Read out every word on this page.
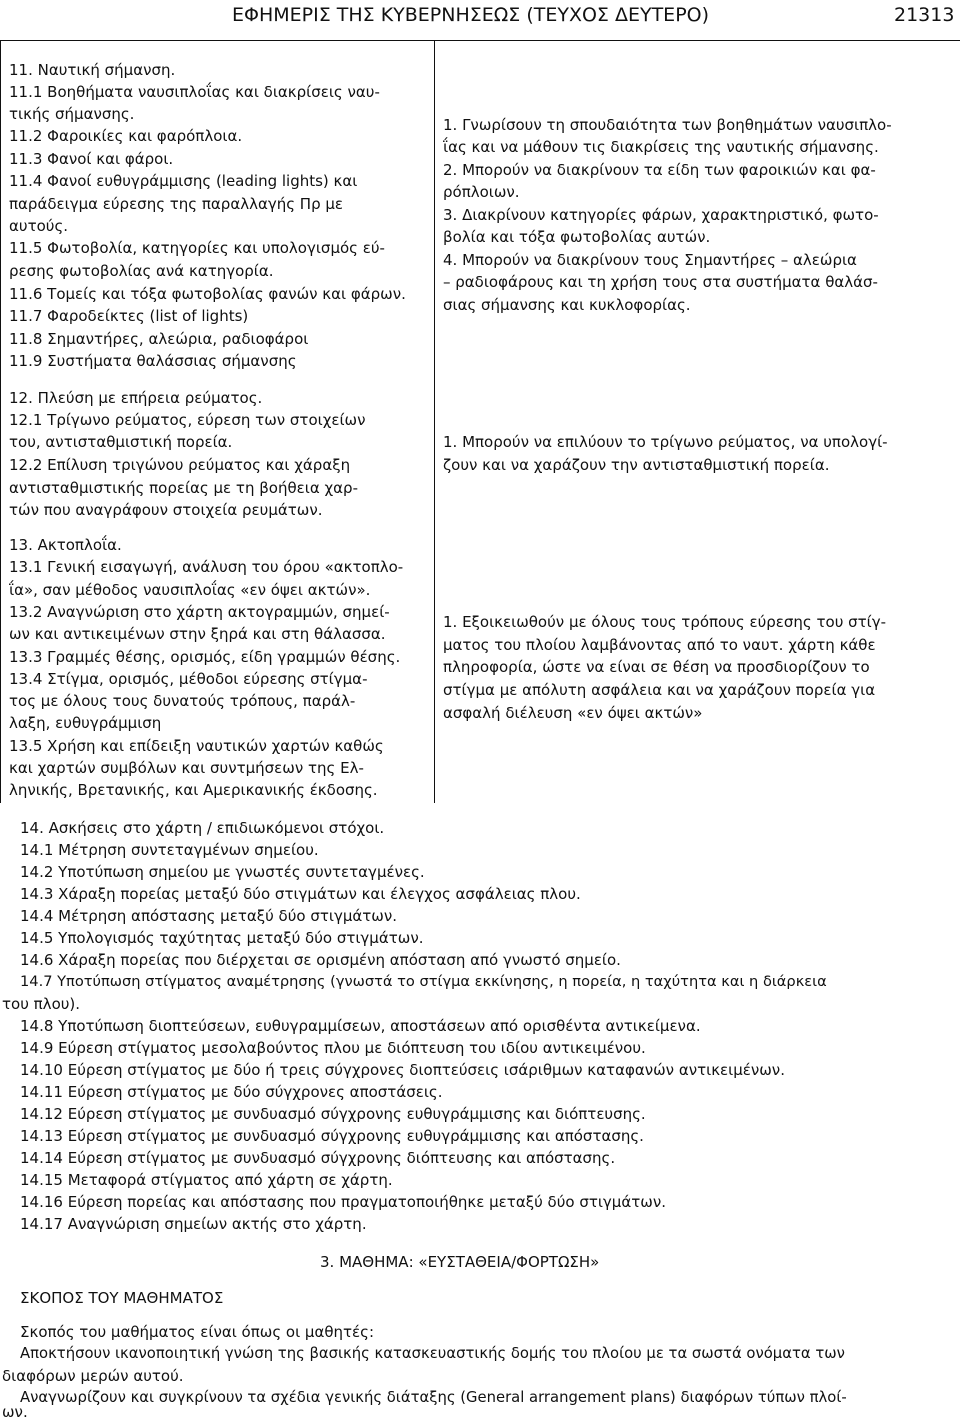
ΕΦΗΜΕΡΙΣ ΤΗΣ ΚΥΒΕΡΝΗΣΕΩΣ (ΤΕΥΧΟΣ ΔΕΥΤΕΡΟ)	21313
11. Ναυτική σήμανση.
11.1 Βοηθήματα ναυσιπλοΐας και διακρίσεις ναυ-
τικής σήμανσης.
11.2 Φαροικίες και φαρόπλοια.
11.3 Φανοί και φάροι.
11.4 Φανοί ευθυγράμμισης (leading lights) και
παράδειγμα εύρεσης της παραλλαγής Πρ με
αυτούς.
11.5 Φωτοβολία, κατηγορίες και υπολογισμός εύ-
ρεσης φωτοβολίας ανά κατηγορία.
11.6 Τομείς και τόξα φωτοβολίας φανών και φάρων.
11.7 Φαροδείκτες (list of lights)
11.8 Σημαντήρες, αλεώρια, ραδιοφάροι
11.9 Συστήματα θαλάσσιας σήμανσης
12. Πλεύση με επήρεια ρεύματος.
12.1 Τρίγωνο ρεύματος, εύρεση των στοιχείων
του, αντισταθμιστική πορεία.
12.2 Επίλυση τριγώνου ρεύματος και χάραξη
αντισταθμιστικής πορείας με τη βοήθεια χαρ-
τών που αναγράφουν στοιχεία ρευμάτων.
13. Ακτοπλοΐα.
13.1 Γενική εισαγωγή, ανάλυση του όρου «ακτοπλο-
ΐα», σαν μέθοδος ναυσιπλοΐας «εν όψει ακτών».
13.2 Αναγνώριση στο χάρτη ακτογραμμών, σημεί-
ων και αντικειμένων στην ξηρά και στη θάλασσα.
13.3 Γραμμές θέσης, ορισμός, είδη γραμμών θέσης.
13.4 Στίγμα, ορισμός, μέθοδοι εύρεσης στίγμα-
τος με όλους τους δυνατούς τρόπους, παράλ-
λαξη, ευθυγράμμιση
13.5 Χρήση και επίδειξη ναυτικών χαρτών καθώς
και χαρτών συμβόλων και συντμήσεων της Ελ-
ληνικής, Βρετανικής, και Αμερικανικής έκδοσης.
1. Γνωρίσουν τη σπουδαιότητα των βοηθημάτων ναυσιπλο-
ΐας και να μάθουν τις διακρίσεις της ναυτικής σήμανσης.
2. Μπορούν να διακρίνουν τα είδη των φαροικιών και φα-
ρόπλοιων.
3. Διακρίνουν κατηγορίες φάρων, χαρακτηριστικό, φωτο-
βολία και τόξα φωτοβολίας αυτών.
4. Μπορούν να διακρίνουν τους Σημαντήρες – αλεώρια
– ραδιοφάρους και τη χρήση τους στα συστήματα θαλάσ-
σιας σήμανσης και κυκλοφορίας.
1. Μπορούν να επιλύουν το τρίγωνο ρεύματος, να υπολογί-
ζουν και να χαράζουν την αντισταθμιστική πορεία.
1. Εξοικειωθούν με όλους τους τρόπους εύρεσης του στίγ-
ματος του πλοίου λαμβάνοντας από το ναυτ. χάρτη κάθε
πληροφορία, ώστε να είναι σε θέση να προσδιορίζουν το
στίγμα με απόλυτη ασφάλεια και να χαράζουν πορεία για
ασφαλή διέλευση «εν όψει ακτών»
14. Ασκήσεις στο χάρτη / επιδιωκόμενοι στόχοι.
14.1 Μέτρηση συντεταγμένων σημείου.
14.2 Υποτύπωση σημείου με γνωστές συντεταγμένες.
14.3 Χάραξη πορείας μεταξύ δύο στιγμάτων και έλεγχος ασφάλειας πλου.
14.4 Μέτρηση απόστασης μεταξύ δύο στιγμάτων.
14.5 Υπολογισμός ταχύτητας μεταξύ δύο στιγμάτων.
14.6 Χάραξη πορείας που διέρχεται σε ορισμένη απόσταση από γνωστό σημείο.
14.7 Υποτύπωση στίγματος αναμέτρησης (γνωστά το στίγμα εκκίνησης, η πορεία, η ταχύτητα και η διάρκεια
του πλου).
14.8 Υποτύπωση διοπτεύσεων, ευθυγραμμίσεων, αποστάσεων από ορισθέντα αντικείμενα.
14.9 Εύρεση στίγματος μεσολαβούντος πλου με διόπτευση του ιδίου αντικειμένου.
14.10 Εύρεση στίγματος με δύο ή τρεις σύγχρονες διοπτεύσεις ισάριθμων καταφανών αντικειμένων.
14.11 Εύρεση στίγματος με δύο σύγχρονες αποστάσεις.
14.12 Εύρεση στίγματος με συνδυασμό σύγχρονης ευθυγράμμισης και διόπτευσης.
14.13 Εύρεση στίγματος με συνδυασμό σύγχρονης ευθυγράμμισης και απόστασης.
14.14 Εύρεση στίγματος με συνδυασμό σύγχρονης διόπτευσης και απόστασης.
14.15 Μεταφορά στίγματος από χάρτη σε χάρτη.
14.16 Εύρεση πορείας και απόστασης που πραγματοποιήθηκε μεταξύ δύο στιγμάτων.
14.17 Αναγνώριση σημείων ακτής στο χάρτη.
3. ΜΑΘΗΜΑ: «ΕΥΣΤΑΘΕΙΑ/ΦΟΡΤΩΣΗ»
ΣΚΟΠΟΣ ΤΟΥ ΜΑΘΗΜΑΤΟΣ
Σκοπός του μαθήματος είναι όπως οι μαθητές:
Αποκτήσουν ικανοποιητική γνώση της βασικής κατασκευαστικής δομής του πλοίου με τα σωστά ονόματα των
διαφόρων μερών αυτού.
Αναγνωρίζουν και συγκρίνουν τα σχέδια γενικής διάταξης (General arrangement plans) διαφόρων τύπων πλοί-
ων.
